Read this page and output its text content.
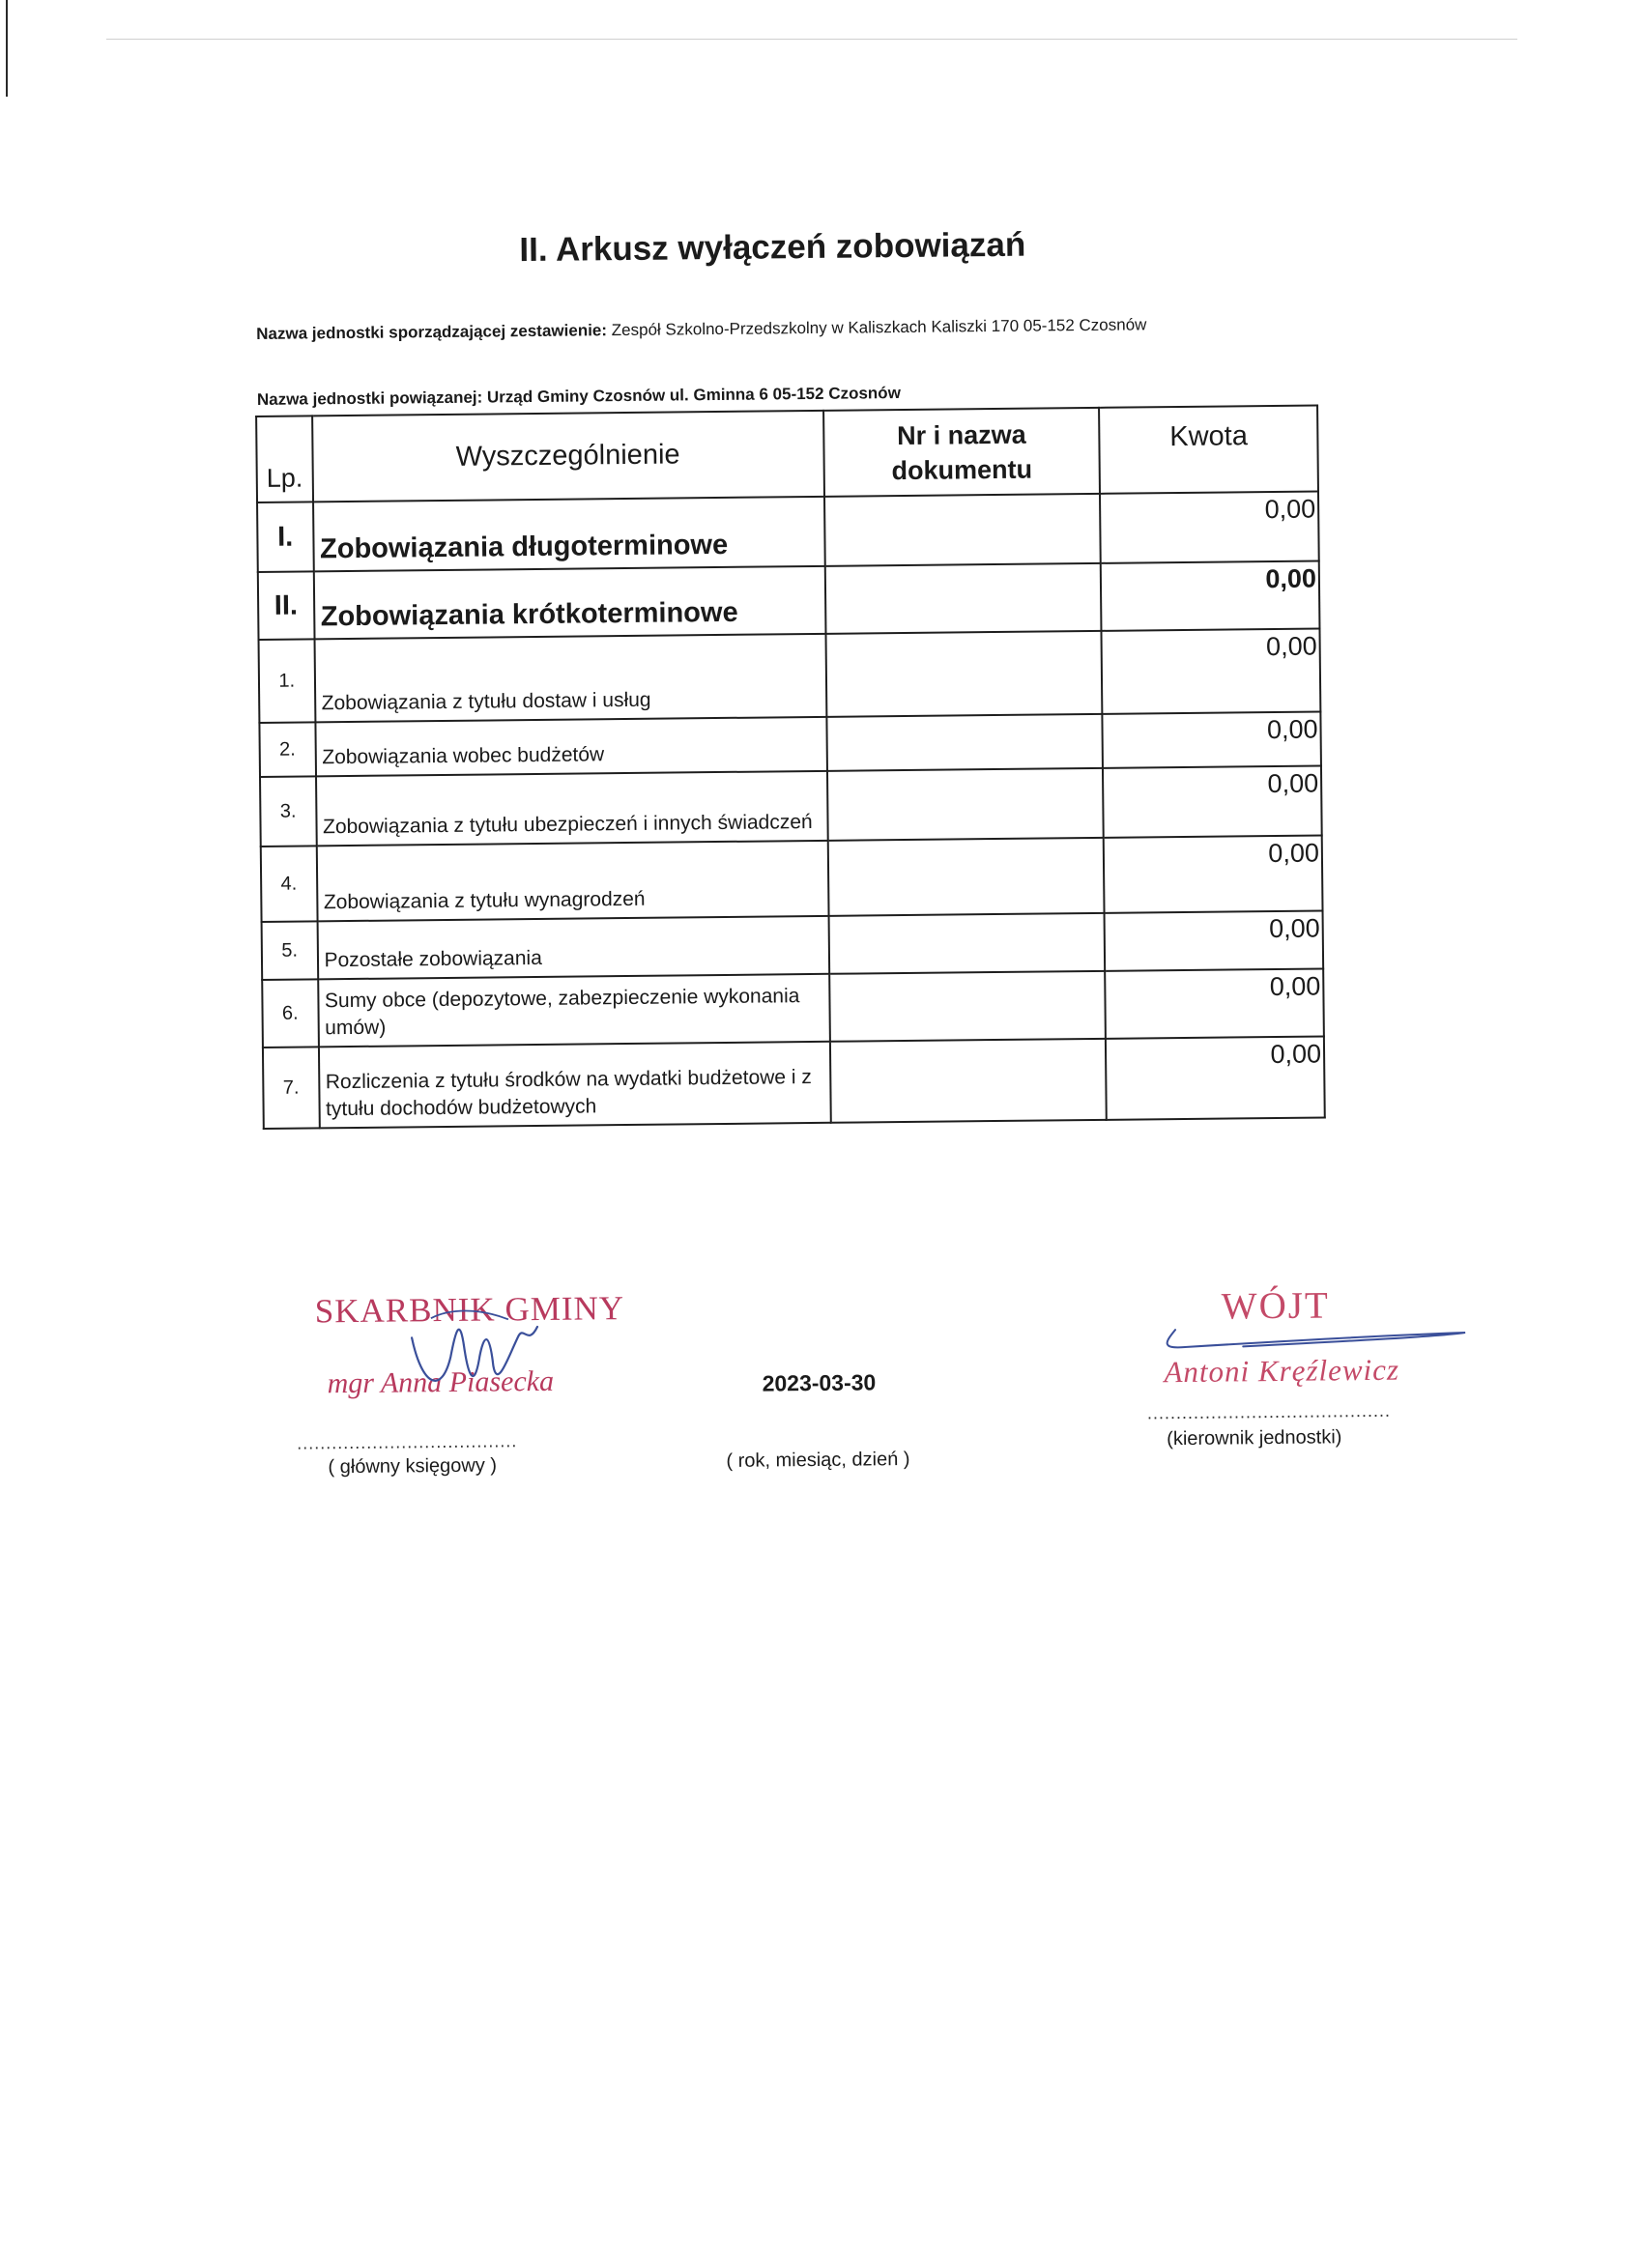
II. Arkusz wyłączeń zobowiązań
Nazwa jednostki sporządzającej zestawienie: Zespół Szkolno-Przedszkolny w Kaliszkach Kaliszki 170 05-152 Czosnów
Nazwa jednostki powiązanej: Urząd Gminy Czosnów ul. Gminna 6 05-152 Czosnów
Lp.	Wyszczególnienie	Nr i nazwa dokumentu	Kwota
I.	Zobowiązania długoterminowe		0,00
II.	Zobowiązania krótkoterminowe		0,00
1.	Zobowiązania z tytułu dostaw i usług		0,00
2.	Zobowiązania wobec budżetów		0,00
3.	Zobowiązania z tytułu ubezpieczeń i innych świadczeń		0,00
4.	Zobowiązania z tytułu wynagrodzeń		0,00
5.	Pozostałe zobowiązania		0,00
6.	Sumy obce (depozytowe, zabezpieczenie wykonania umów)		0,00
7.	Rozliczenia z tytułu środków na wydatki budżetowe i z tytułu dochodów budżetowych		0,00
SKARBNIK GMINY
mgr Anna Piasecka
......................................
( główny księgowy )
2023-03-30
( rok, miesiąc, dzień )
WÓJT
Antoni Kręźlewicz
..........................................
(kierownik jednostki)
